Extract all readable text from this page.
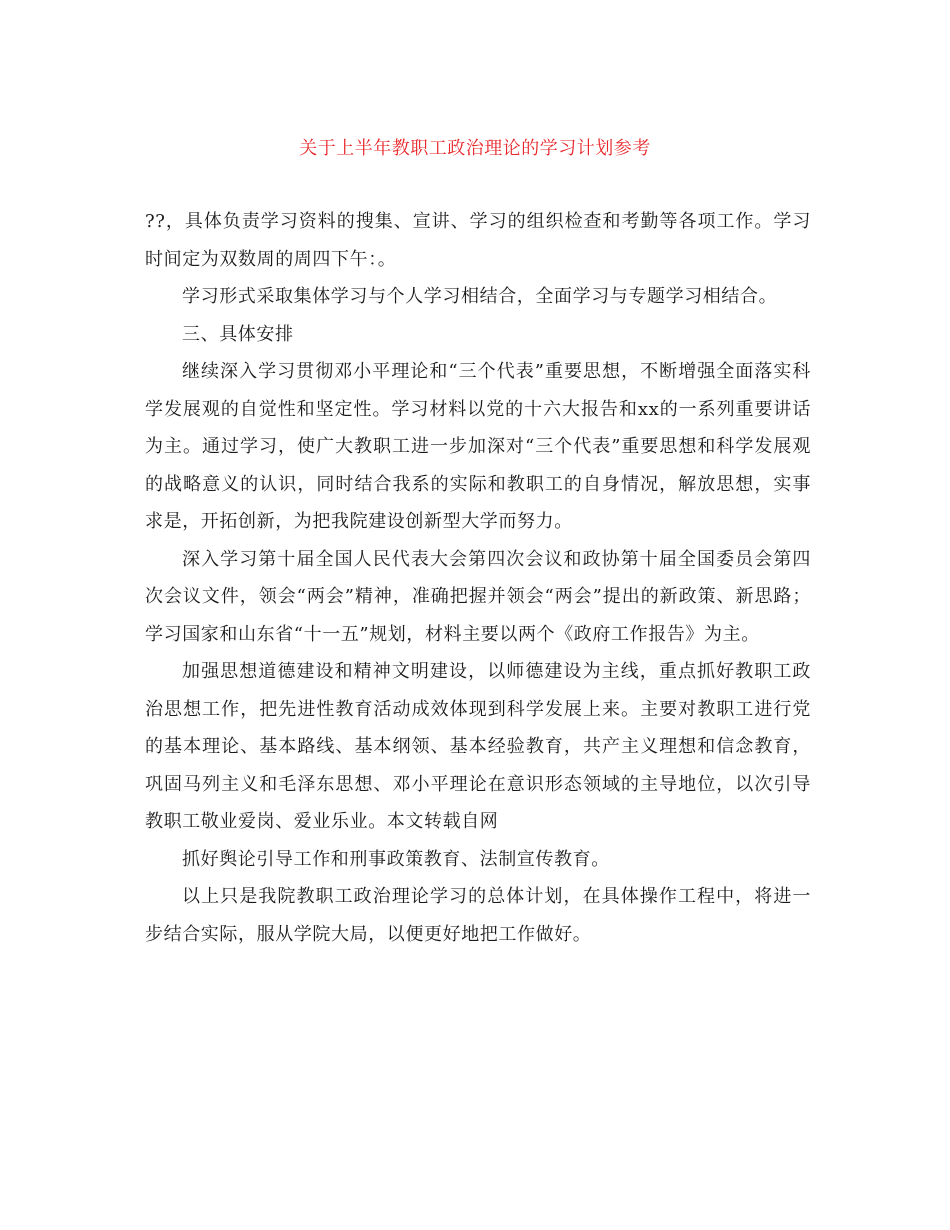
关于上半年教职工政治理论的学习计划参考

??，具体负责学习资料的搜集、宣讲、学习的组织检查和考勤等各项工作。学习时间定为双数周的周四下午：。

学习形式采取集体学习与个人学习相结合，全面学习与专题学习相结合。

三、具体安排

继续深入学习贯彻邓小平理论和“三个代表”重要思想，不断增强全面落实科学发展观的自觉性和坚定性。学习材料以党的十六大报告和xx的一系列重要讲话为主。通过学习，使广大教职工进一步加深对“三个代表”重要思想和科学发展观的战略意义的认识，同时结合我系的实际和教职工的自身情况，解放思想，实事求是，开拓创新，为把我院建设创新型大学而努力。

深入学习第十届全国人民代表大会第四次会议和政协第十届全国委员会第四次会议文件，领会“两会”精神，准确把握并领会“两会”提出的新政策、新思路；学习国家和山东省“十一五”规划，材料主要以两个《政府工作报告》为主。

加强思想道德建设和精神文明建设，以师德建设为主线，重点抓好教职工政治思想工作，把先进性教育活动成效体现到科学发展上来。主要对教职工进行党的基本理论、基本路线、基本纲领、基本经验教育，共产主义理想和信念教育，巩固马列主义和毛泽东思想、邓小平理论在意识形态领域的主导地位，以次引导教职工敬业爱岗、爱业乐业。本文转载自网

抓好舆论引导工作和刑事政策教育、法制宣传教育。

以上只是我院教职工政治理论学习的总体计划，在具体操作工程中，将进一步结合实际，服从学院大局，以便更好地把工作做好。
